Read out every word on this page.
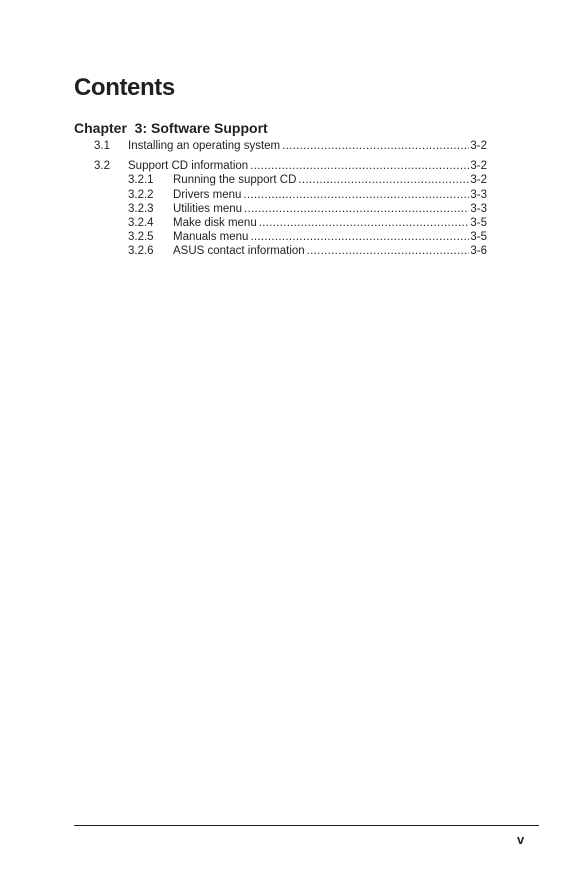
Contents
Chapter  3: Software Support
3.1	Installing an operating system .....	3-2
3.2	Support CD information .....	3-2
3.2.1	Running the support CD .....	3-2
3.2.2	Drivers menu .....	3-3
3.2.3	Utilities menu .....	3-3
3.2.4	Make disk menu .....	3-5
3.2.5	Manuals menu .....	3-5
3.2.6	ASUS contact information .....	3-6
v
